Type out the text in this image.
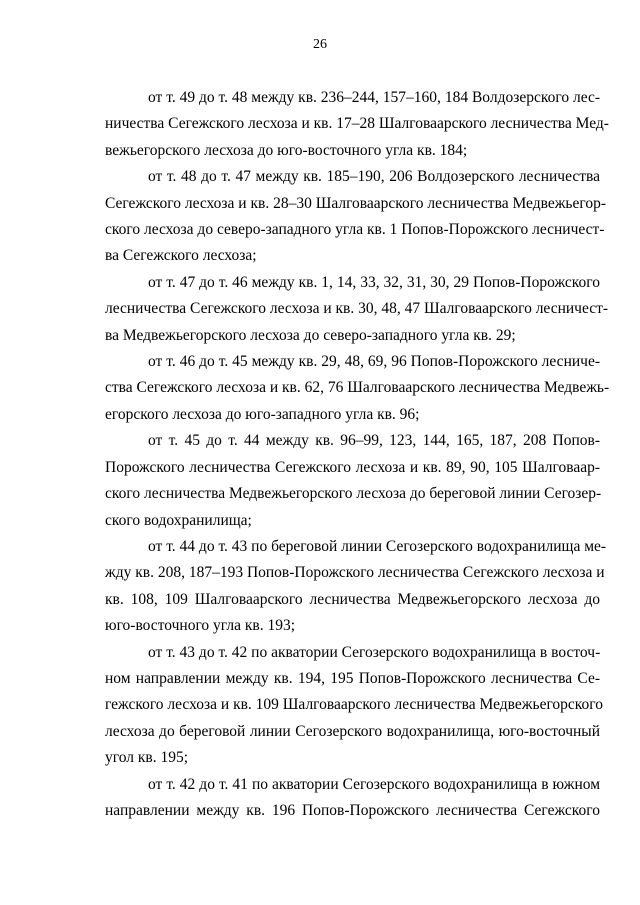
26

от т. 49 до т. 48 между кв. 236–244, 157–160, 184 Волдозерского лес-
ничества Сегежского лесхоза и кв. 17–28 Шалговаарского лесничества Мед-
вежьегорского лесхоза до юго-восточного угла кв. 184;

от т. 48 до т. 47 между кв. 185–190, 206 Волдозерского лесничества
Сегежского лесхоза и кв. 28–30 Шалговаарского лесничества Медвежьегор-
ского лесхоза до северо-западного угла кв. 1 Попов-Порожского лесничест-
ва Сегежского лесхоза;

от т. 47 до т. 46 между кв. 1, 14, 33, 32, 31, 30, 29 Попов-Порожского
лесничества Сегежского лесхоза и кв. 30, 48, 47 Шалговаарского лесничест-
ва Медвежьегорского лесхоза до северо-западного угла кв. 29;

от т. 46 до т. 45 между кв. 29, 48, 69, 96 Попов-Порожского лесниче-
ства Сегежского лесхоза и кв. 62, 76 Шалговаарского лесничества Медвежь-
егорского лесхоза до юго-западного угла кв. 96;

от т. 45 до т. 44 между кв. 96–99, 123, 144, 165, 187, 208 Попов-
Порожского лесничества Сегежского лесхоза и кв. 89, 90, 105 Шалговаар-
ского лесничества Медвежьегорского лесхоза до береговой линии Сегозер-
ского водохранилища;

от т. 44 до т. 43 по береговой линии Сегозерского водохранилища ме-
жду кв. 208, 187–193 Попов-Порожского лесничества Сегежского лесхоза и
кв. 108, 109 Шалговаарского лесничества Медвежьегорского лесхоза до
юго-восточного угла кв. 193;

от т. 43 до т. 42 по акватории Сегозерского водохранилища в восточ-
ном направлении между кв. 194, 195 Попов-Порожского лесничества Се-
гежского лесхоза и кв. 109 Шалговаарского лесничества Медвежьегорского
лесхоза до береговой линии Сегозерского водохранилища, юго-восточный
угол кв. 195;

от т. 42 до т. 41 по акватории Сегозерского водохранилища в южном
направлении между кв. 196 Попов-Порожского лесничества Сегежского
